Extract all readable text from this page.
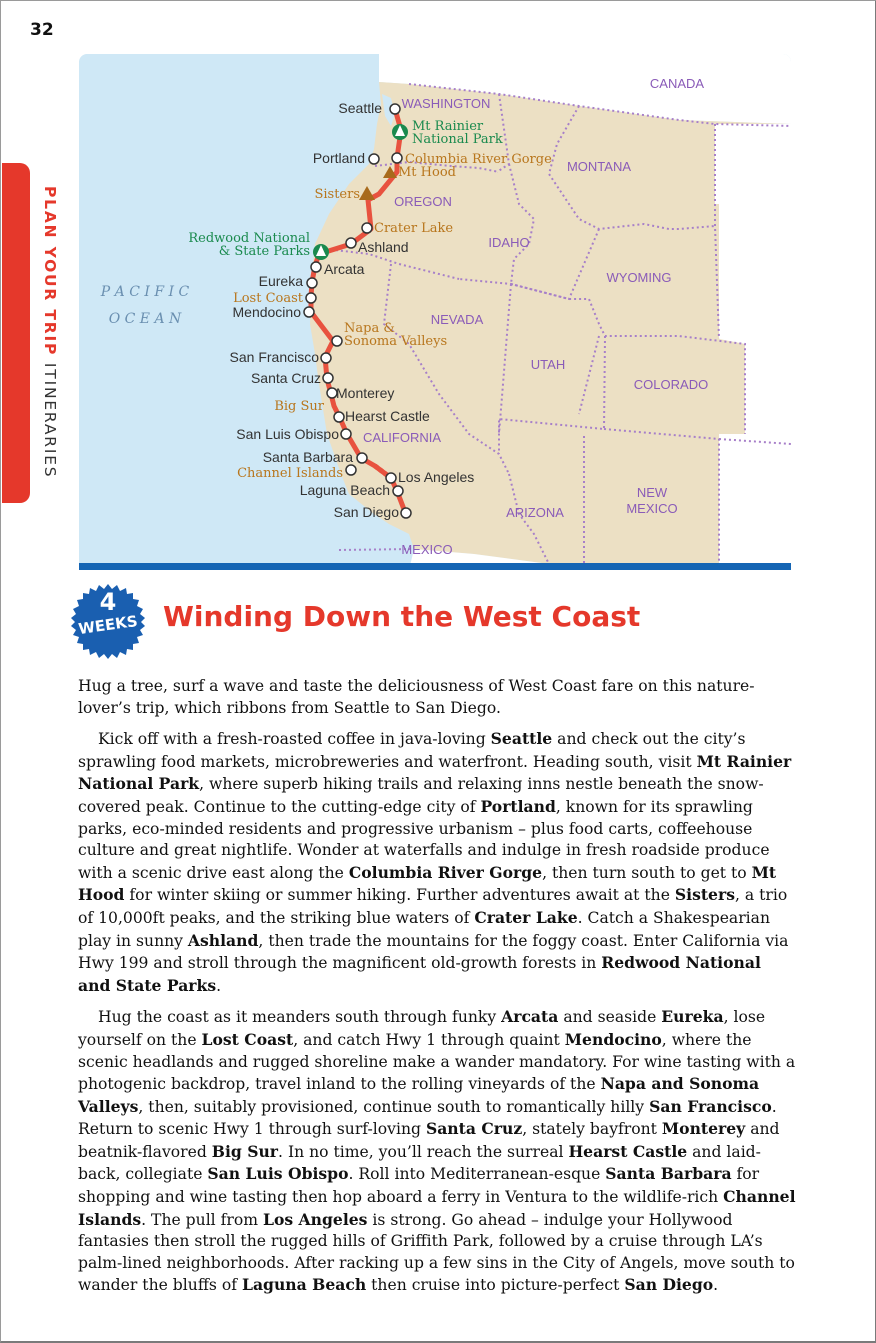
32
PLAN YOUR TRIP ITINERARIES
Seattle
Portland
Ashland
Arcata
Eureka
Mendocino
San Francisco
Santa Cruz
Monterey
Hearst Castle
San Luis Obispo
Santa Barbara
Los Angeles
Laguna Beach
San Diego
Mt Rainier
National Park
Redwood National
& State Parks
Columbia River Gorge
Mt Hood
Sisters
Crater Lake
Lost Coast
Napa &
Sonoma Valleys
Big Sur
Channel Islands
CANADA
MEXICO
WASHINGTON
MONTANA
OREGON
IDAHO
WYOMING
NEVADA
UTAH
COLORADO
CALIFORNIA
ARIZONA
NEW
MEXICO
P A C I F I C
O C E A N
4
WEEKS Winding Down the West Coast

Hug a tree, surf a wave and taste the deliciousness of West Coast fare on this nature-lover’s trip, which ribbons from Seattle to San Diego.

Kick off with a fresh-roasted coffee in java-loving Seattle and check out the city’s sprawling food markets, microbreweries and waterfront. Heading south, visit Mt Rainier National Park, where superb hiking trails and relaxing inns nestle beneath the snow-covered peak. Continue to the cutting-edge city of Portland, known for its sprawling parks, eco-minded residents and progressive urbanism – plus food carts, coffeehouse culture and great nightlife. Wonder at waterfalls and indulge in fresh roadside produce with a scenic drive east along the Columbia River Gorge, then turn south to get to Mt Hood for winter skiing or summer hiking. Further adventures await at the Sisters, a trio of 10,000ft peaks, and the striking blue waters of Crater Lake. Catch a Shakespearian play in sunny Ashland, then trade the mountains for the foggy coast. Enter California via Hwy 199 and stroll through the magnificent old-growth forests in Redwood National and State Parks.

Hug the coast as it meanders south through funky Arcata and seaside Eureka, lose yourself on the Lost Coast, and catch Hwy 1 through quaint Mendocino, where the scenic headlands and rugged shoreline make a wander mandatory. For wine tasting with a photogenic backdrop, travel inland to the rolling vineyards of the Napa and Sonoma Valleys, then, suitably provisioned, continue south to romantically hilly San Francisco. Return to scenic Hwy 1 through surf-loving Santa Cruz, stately bayfront Monterey and beatnik-flavored Big Sur. In no time, you’ll reach the surreal Hearst Castle and laid-back, collegiate San Luis Obispo. Roll into Mediterranean-esque Santa Barbara for shopping and wine tasting then hop aboard a ferry in Ventura to the wildlife-rich Channel Islands. The pull from Los Angeles is strong. Go ahead – indulge your Hollywood fantasies then stroll the rugged hills of Griffith Park, followed by a cruise through LA’s palm-lined neighborhoods. After racking up a few sins in the City of Angels, move south to wander the bluffs of Laguna Beach then cruise into picture-perfect San Diego.
